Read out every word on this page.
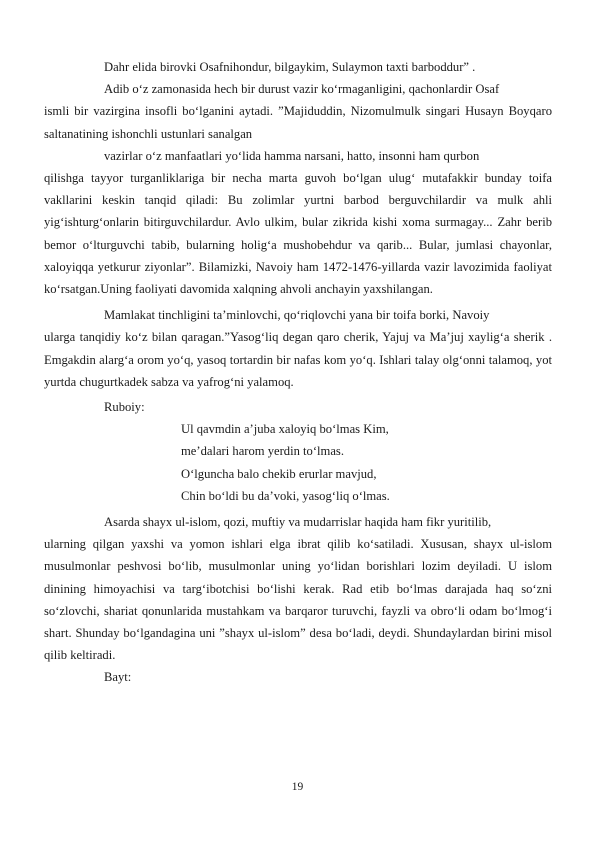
Dahr elida birovki Osafnihondur, bilgaykim, Sulaymon taxti barboddur” .

Adib o‘z zamonasida hech bir durust vazir ko‘rmaganligini, qachonlardir Osaf
ismli bir vazirgina insofli bo‘lganini aytadi. ”Majiduddin, Nizomulmulk singari Husayn Boyqaro saltanatining ishonchli ustunlari sanalgan

vazirlar o‘z manfaatlari yo‘lida hamma narsani, hatto, insonni ham qurbon
qilishga tayyor turganliklariga bir necha marta guvoh bo‘lgan ulug‘ mutafakkir bunday toifa vakllarini keskin tanqid qiladi: Bu zolimlar yurtni barbod berguvchilardir va mulk ahli yig‘ishturg‘onlarin bitirguvchilardur. Avlo ulkim, bular zikrida kishi xoma surmagay... Zahr berib bemor o‘lturguvchi tabib, bularning holig‘a mushobehdur va qarib... Bular, jumlasi chayonlar, xaloyiqqa yetkurur ziyonlar”. Bilamizki, Navoiy ham 1472-1476-yillarda vazir lavozimida faoliyat ko‘rsatgan.Uning faoliyati davomida xalqning ahvoli anchayin yaxshilangan.

Mamlakat tinchligini ta’minlovchi, qo‘riqlovchi yana bir toifa borki, Navoiy
ularga tanqidiy ko‘z bilan qaragan.”Yasog‘liq degan qaro cherik, Yajuj va Ma’juj xaylig‘a sherik . Emgakdin alarg‘a orom yo‘q, yasoq tortardin bir nafas kom yo‘q. Ishlari talay olg‘onni talamoq, yot yurtda chugurtkadek sabza va yafrog‘ni yalamoq.

Ruboiy:

Ul qavmdin a’juba xaloyiq bo‘lmas Kim,

me’dalari harom yerdin to‘lmas.

O‘lguncha balo chekib erurlar mavjud,

Chin bo‘ldi bu da’voki, yasog‘liq o‘lmas.

Asarda shayx ul-islom, qozi, muftiy va mudarrislar haqida ham fikr yuritilib,
ularning qilgan yaxshi va yomon ishlari elga ibrat qilib ko‘satiladi. Xususan, shayx ul-islom musulmonlar peshvosi bo‘lib, musulmonlar uning yo‘lidan borishlari lozim deyiladi. U islom dinining himoyachisi va targ‘ibotchisi bo‘lishi kerak. Rad etib bo‘lmas darajada haq so‘zni so‘zlovchi, shariat qonunlarida mustahkam va barqaror turuvchi, fayzli va obro‘li odam bo‘lmog‘i shart. Shunday bo‘lgandagina uni ”shayx ul-islom” desa bo‘ladi, deydi. Shundaylardan birini misol qilib keltiradi.

Bayt:

19
